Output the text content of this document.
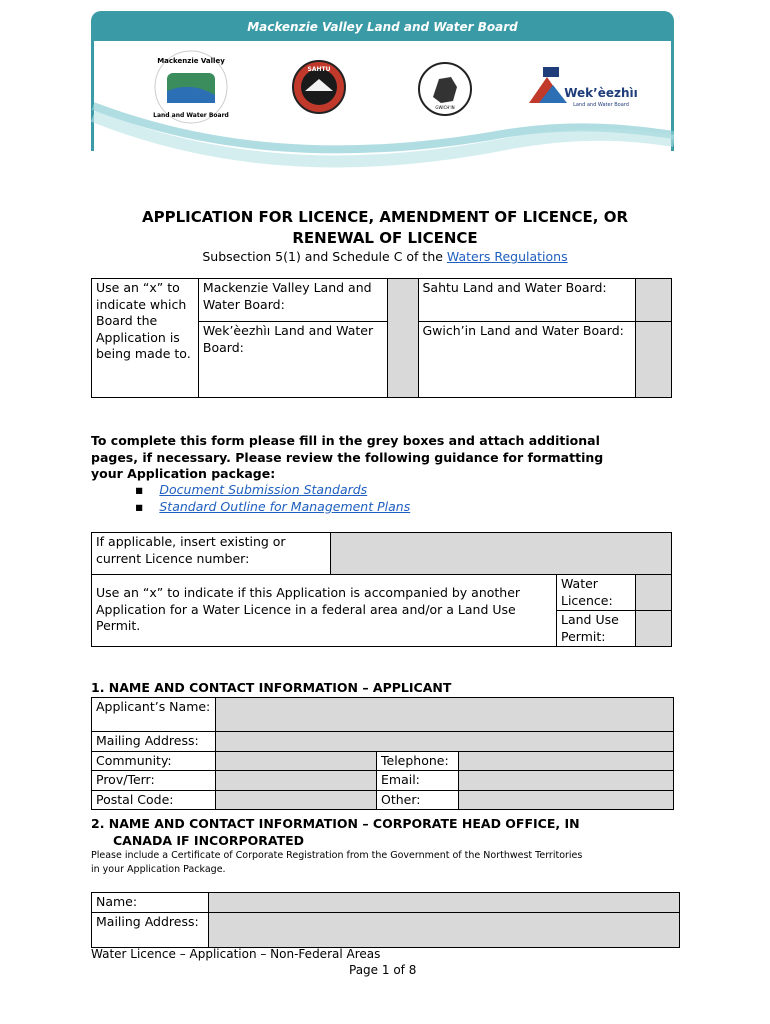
Mackenzie Valley Land and Water Board
Mackenzie Valley
Land and Water Board
SAHTU
GWICH'IN
Wek’èezhìı
Land and Water Board
APPLICATION FOR LICENCE, AMENDMENT OF LICENCE, OR
RENEWAL OF LICENCE
Subsection 5(1) and Schedule C of the Waters Regulations
Use an “x” to indicate which Board the Application is being made to.	Mackenzie Valley Land and Water Board:		Sahtu Land and Water Board:	
	Wek’èezhìı Land and Water Board:		Gwich’in Land and Water Board:	
To complete this form please fill in the grey boxes and attach additional
pages, if necessary. Please review the following guidance for formatting
your Application package:
▪    Document Submission Standards
▪    Standard Outline for Management Plans
If applicable, insert existing or current Licence number:			
Use an “x” to indicate if this Application is accompanied by another Application for a Water Licence in a federal area and/or a Land Use Permit.		Water Licence:	
		Land Use Permit:	
1. NAME AND CONTACT INFORMATION – APPLICANT
Applicant’s Name:			
Mailing Address:			
Community:		Telephone:	
Prov/Terr:		Email:	
Postal Code:		Other:	
2. NAME AND CONTACT INFORMATION – CORPORATE HEAD OFFICE, IN
CANADA IF INCORPORATED
Please include a Certificate of Corporate Registration from the Government of the Northwest Territories
in your Application Package.
Name:	
Mailing Address:	
Water Licence – Application – Non-Federal Areas
Page 1 of 8
